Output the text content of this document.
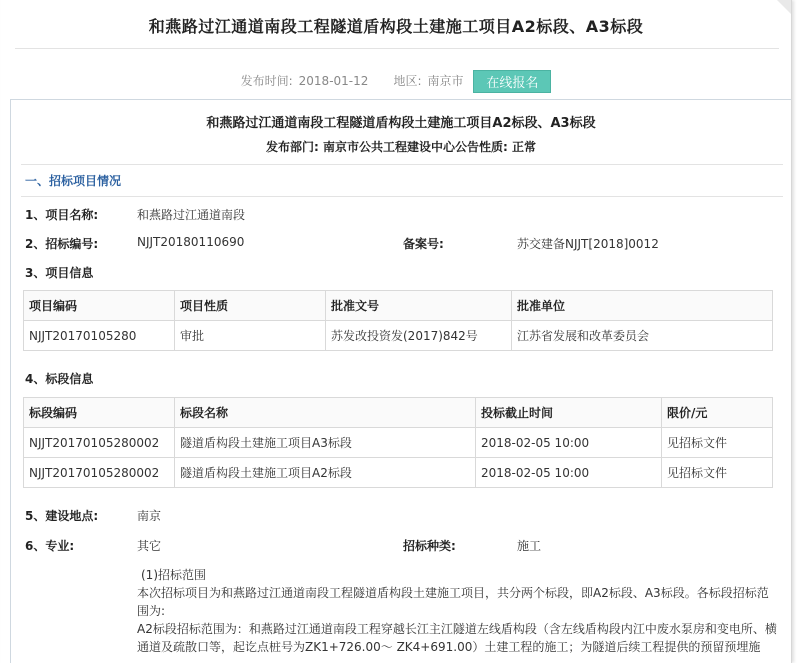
和燕路过江通道南段工程隧道盾构段土建施工项目A2标段、A3标段
发布时间: 2018-01-12 地区: 南京市 在线报名
和燕路过江通道南段工程隧道盾构段土建施工项目A2标段、A3标段
发布部门: 南京市公共工程建设中心公告性质: 正常
一、招标项目情况
1、项目名称:	和燕路过江通道南段
2、招标编号:	NJJT20180110690	备案号:	苏交建备NJJT[2018]0012
3、项目信息
项目编码	项目性质	批准文号	批准单位
NJJT20170105280	审批	苏发改投资发(2017)842号	江苏省发展和改革委员会
4、标段信息
标段编码	标段名称	投标截止时间	限价/元
NJJT20170105280002	隧道盾构段土建施工项目A3标段	2018-02-05 10:00	见招标文件
NJJT20170105280002	隧道盾构段土建施工项目A2标段	2018-02-05 10:00	见招标文件
5、建设地点:	南京
6、专业:	其它	招标种类:	施工
(1)招标范围
本次招标项目为和燕路过江通道南段工程隧道盾构段土建施工项目，共分两个标段，即A2标段、A3标段。各标段招标范围为:
A2标段招标范围为：和燕路过江通道南段工程穿越长江主江隧道左线盾构段（含左线盾构段内江中废水泵房和变电所、横通道及疏散口等，起讫点桩号为ZK1+726.00～ ZK4+691.00）土建工程的施工；为隧道后续工程提供的预留预埋施
